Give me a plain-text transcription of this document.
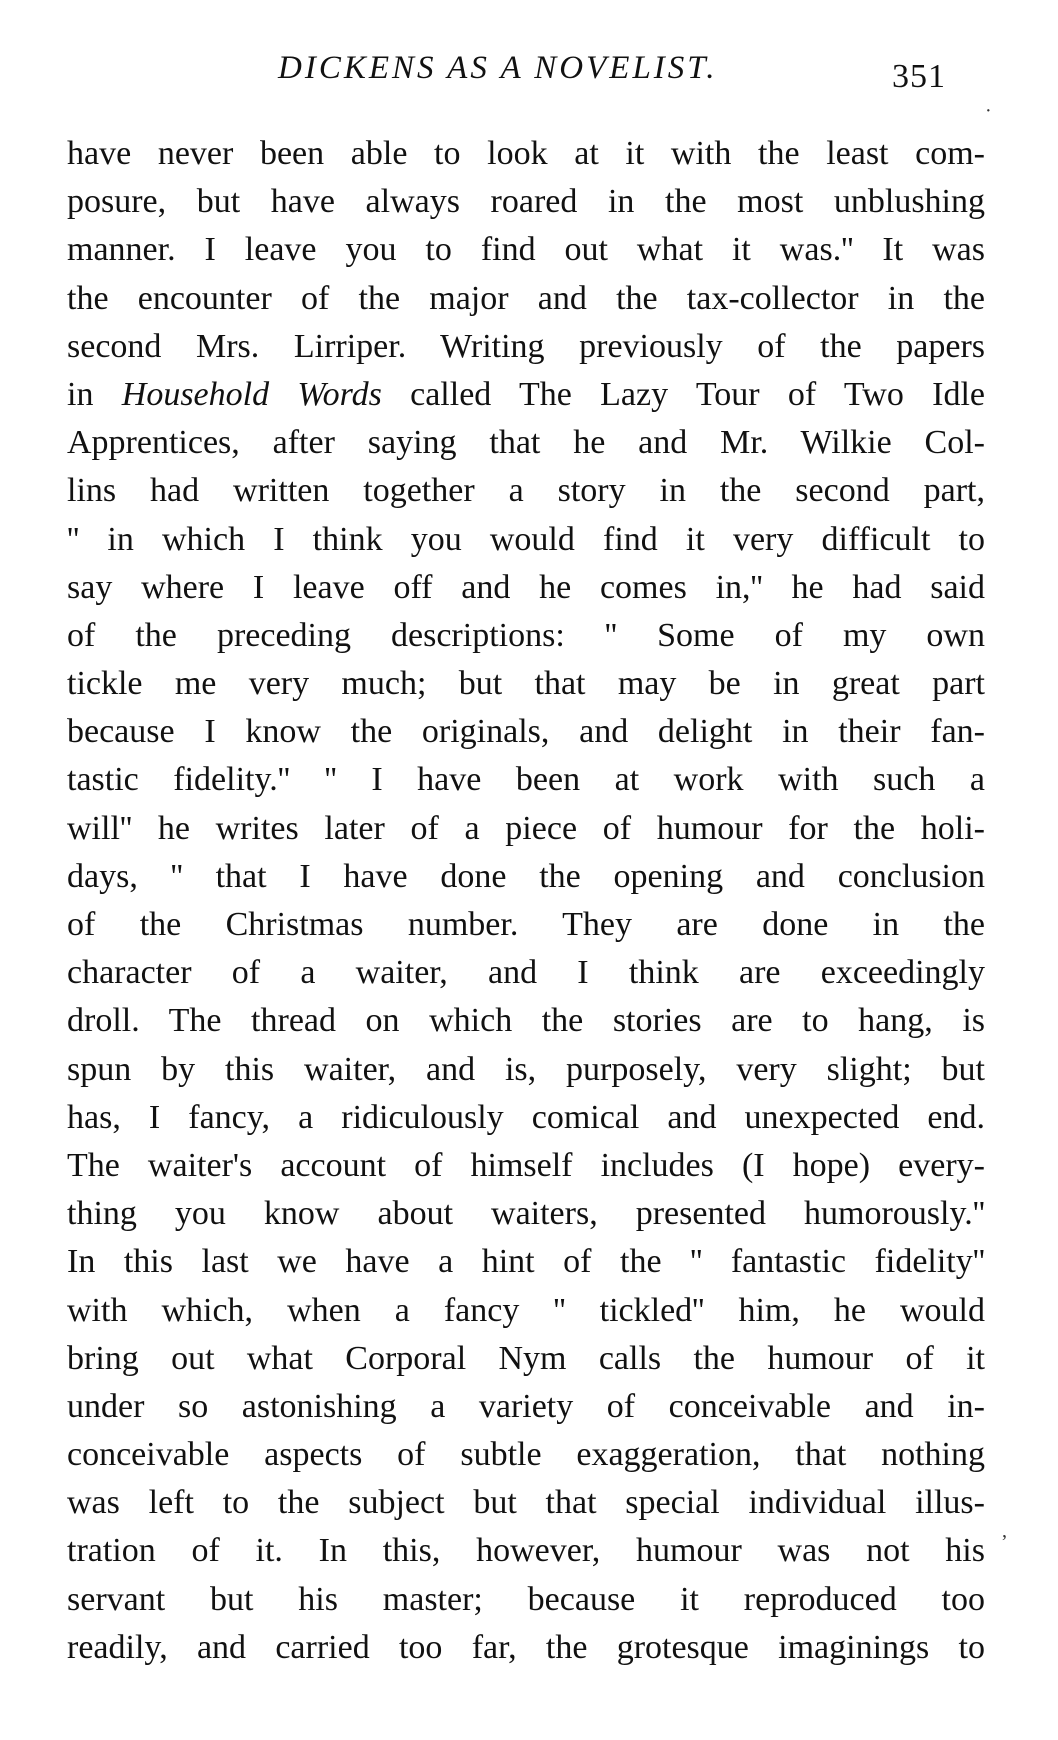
DICKENS AS A NOVELIST.	351
have never been able to look at it with the least com-
posure, but have always roared in the most unblushing
manner. I leave you to find out what it was.'' It was
the encounter of the major and the tax-collector in the
second Mrs. Lirriper. Writing previously of the papers
in Household Words called The Lazy Tour of Two Idle
Apprentices, after saying that he and Mr. Wilkie Col-
lins had written together a story in the second part,
'' in which I think you would find it very difficult to
say where I leave off and he comes in,'' he had said
of the preceding descriptions: '' Some of my own
tickle me very much; but that may be in great part
because I know the originals, and delight in their fan-
tastic fidelity.'' '' I have been at work with such a
will'' he writes later of a piece of humour for the holi-
days, '' that I have done the opening and conclusion
of the Christmas number. They are done in the
character of a waiter, and I think are exceedingly
droll. The thread on which the stories are to hang, is
spun by this waiter, and is, purposely, very slight; but
has, I fancy, a ridiculously comical and unexpected end.
The waiter's account of himself includes (I hope) every-
thing you know about waiters, presented humorously.''
In this last we have a hint of the '' fantastic fidelity''
with which, when a fancy '' tickled'' him, he would
bring out what Corporal Nym calls the humour of it
under so astonishing a variety of conceivable and in-
conceivable aspects of subtle exaggeration, that nothing
was left to the subject but that special individual illus-
tration of it. In this, however, humour was not his
servant but his master; because it reproduced too
readily, and carried too far, the grotesque imaginings to
·
,
